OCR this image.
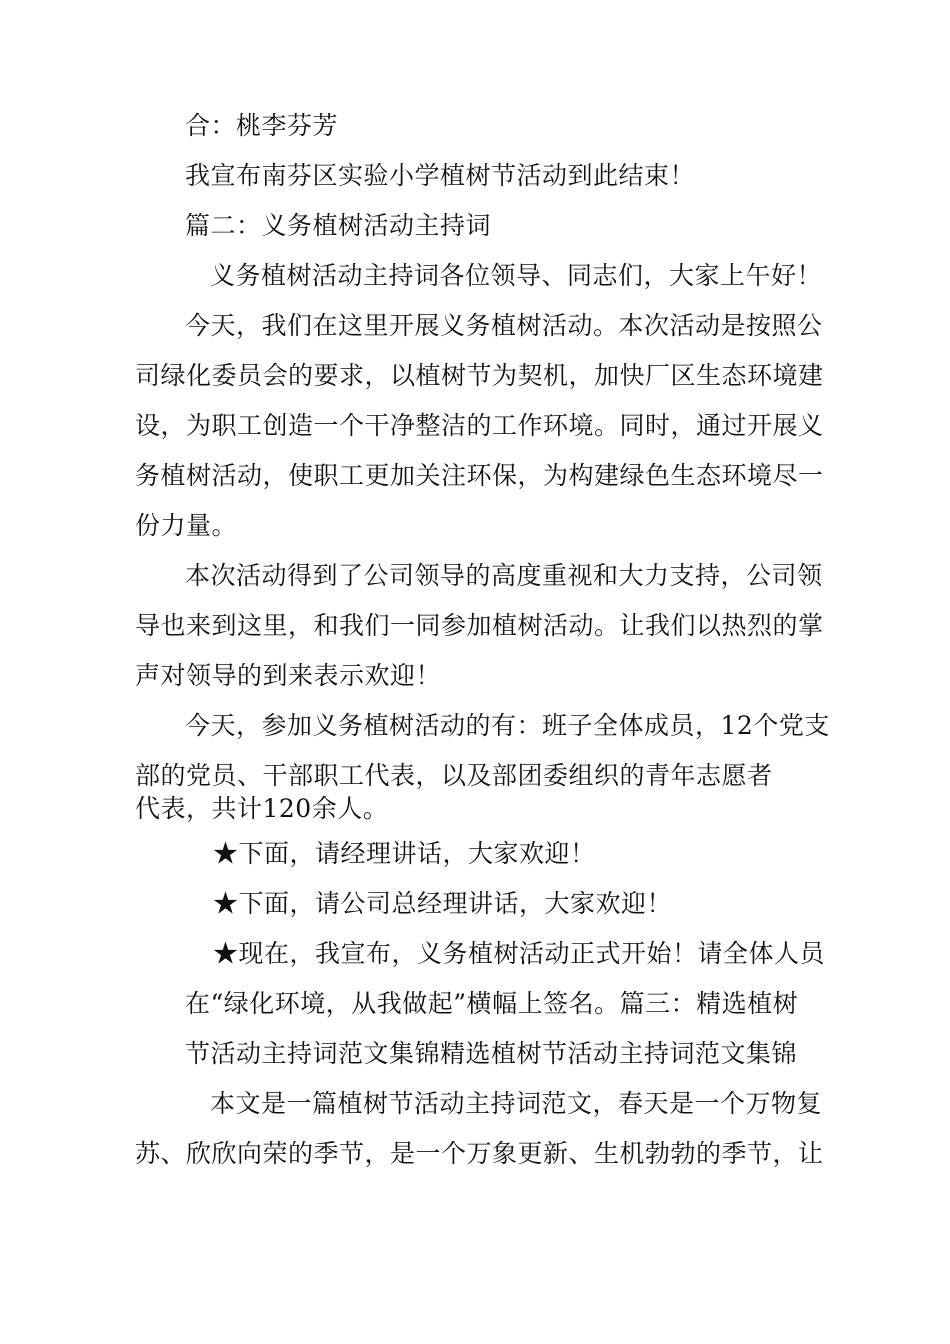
合：桃李芬芳
我宣布南芬区实验小学植树节活动到此结束！
篇二：义务植树活动主持词
义务植树活动主持词各位领导、同志们，大家上午好！
今天，我们在这里开展义务植树活动。本次活动是按照公
司绿化委员会的要求，以植树节为契机，加快厂区生态环境建
设，为职工创造一个干净整洁的工作环境。同时，通过开展义
务植树活动，使职工更加关注环保，为构建绿色生态环境尽一
份力量。
本次活动得到了公司领导的高度重视和大力支持，公司领
导也来到这里，和我们一同参加植树活动。让我们以热烈的掌
声对领导的到来表示欢迎！
今天，参加义务植树活动的有：班子全体成员，12个党支
部的党员、干部职工代表，以及部团委组织的青年志愿者
代表，共计120余人。
★下面，请经理讲话，大家欢迎！
★下面，请公司总经理讲话，大家欢迎！
★现在，我宣布，义务植树活动正式开始！请全体人员
在“绿化环境，从我做起”横幅上签名。篇三：精选植树
节活动主持词范文集锦精选植树节活动主持词范文集锦
本文是一篇植树节活动主持词范文，春天是一个万物复
苏、欣欣向荣的季节，是一个万象更新、生机勃勃的季节，让
